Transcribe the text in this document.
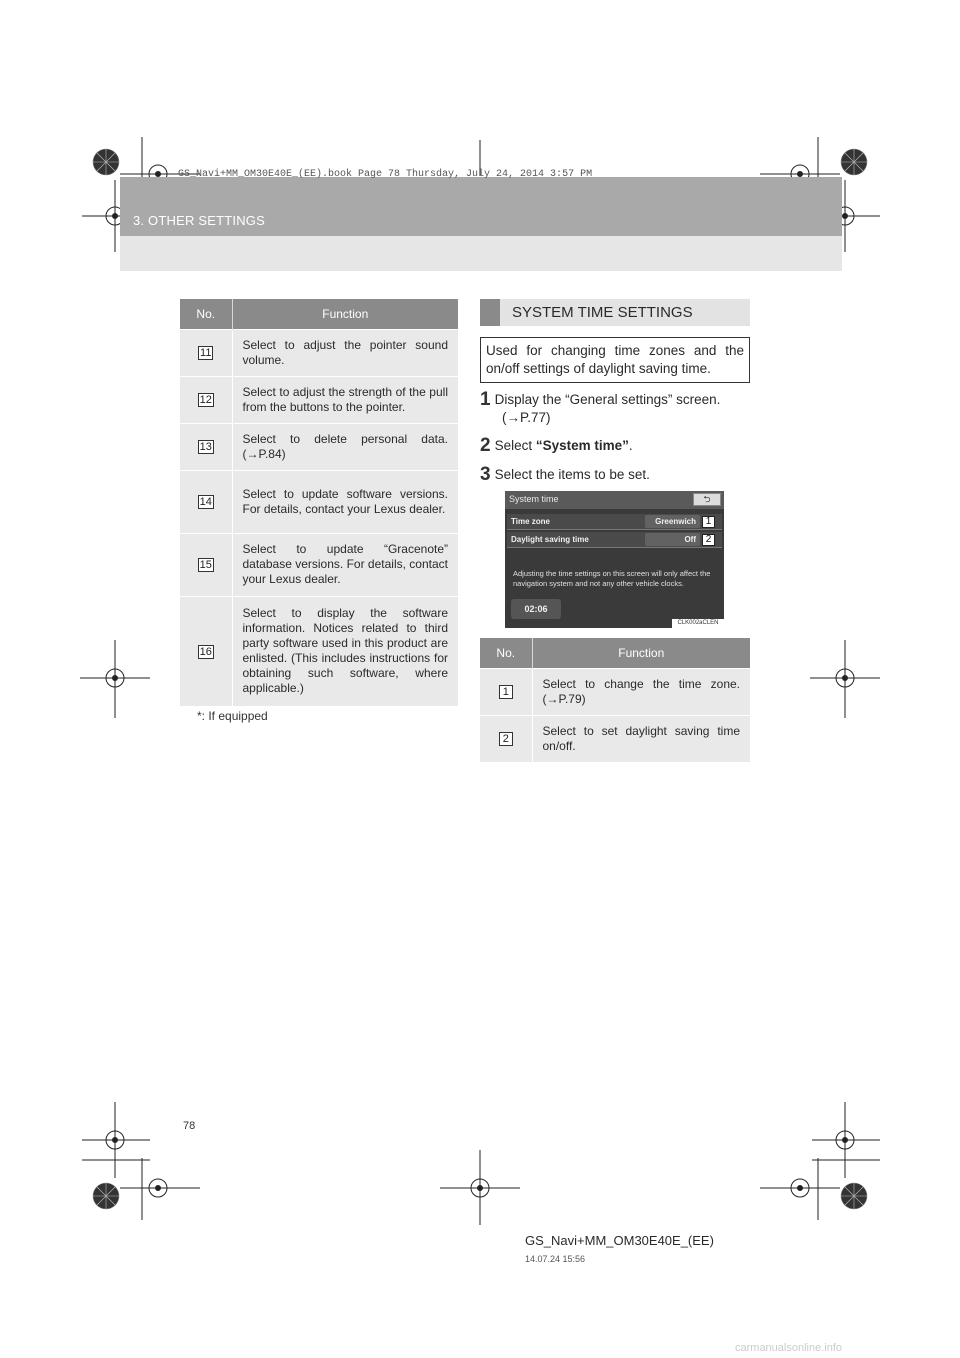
GS_Navi+MM_OM30E40E_(EE).book Page 78 Thursday, July 24, 2014 3:57 PM
3. OTHER SETTINGS
No.	Function
11	Select to adjust the pointer sound volume.
12	Select to adjust the strength of the pull from the buttons to the pointer.
13	Select to delete personal data. (→P.84)
14	Select to update software versions. For details, contact your Lexus dealer.
15	Select to update “Gracenote” database versions. For details, contact your Lexus dealer.
16	Select to display the software information. Notices related to third party software used in this product are enlisted. (This includes instructions for obtaining such software, where applicable.)
*: If equipped
SYSTEM TIME SETTINGS
Used for changing time zones and the on/off settings of daylight saving time.
1 Display the “General settings” screen.
(→P.77)
2 Select “System time”.
3 Select the items to be set.
System time	⮌
Time zone	Greenwich 1
Daylight saving time	Off 2
Adjusting the time settings on this screen will only affect the navigation system and not any other vehicle clocks.
02:06
CLK002aCLEN
No.	Function
1	Select to change the time zone. (→P.79)
2	Select to set daylight saving time on/off.
78
GS_Navi+MM_OM30E40E_(EE)
14.07.24 15:56
carmanualsonline.info
